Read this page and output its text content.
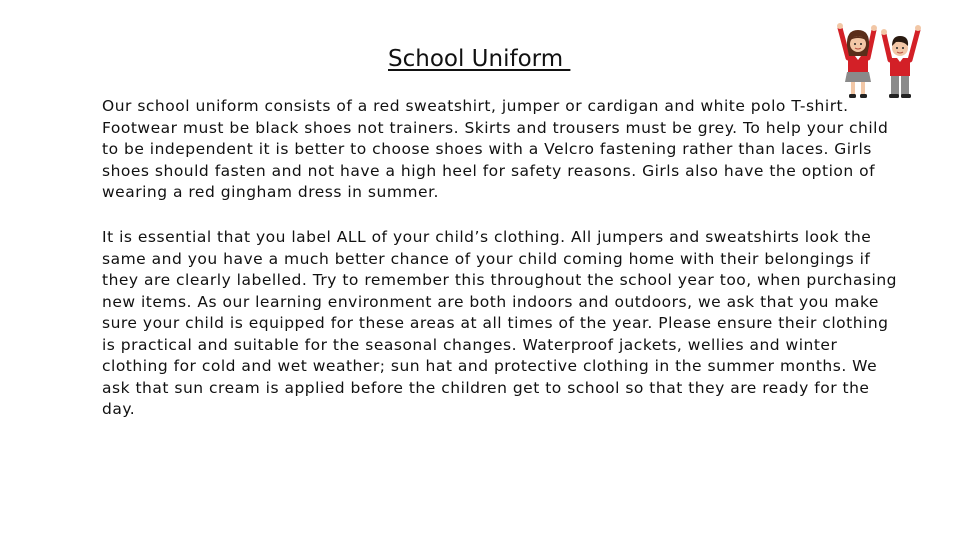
School Uniform

Our school uniform consists of a red sweatshirt, jumper or cardigan and white polo T-shirt. Footwear must be black shoes not trainers. Skirts and trousers must be grey. To help your child to be independent it is better to choose shoes with a Velcro fastening rather than laces. Girls shoes should fasten and not have a high heel for safety reasons. Girls also have the option of wearing a red gingham dress in summer.

It is essential that you label ALL of your child’s clothing. All jumpers and sweatshirts look the same and you have a much better chance of your child coming home with their belongings if they are clearly labelled. Try to remember this throughout the school year too, when purchasing new items. As our learning environment are both indoors and outdoors, we ask that you make sure your child is equipped for these areas at all times of the year. Please ensure their clothing is practical and suitable for the seasonal changes. Waterproof jackets, wellies and winter clothing for cold and wet weather; sun hat and protective clothing in the summer months. We ask that sun cream is applied before the children get to school so that they are ready for the day.
